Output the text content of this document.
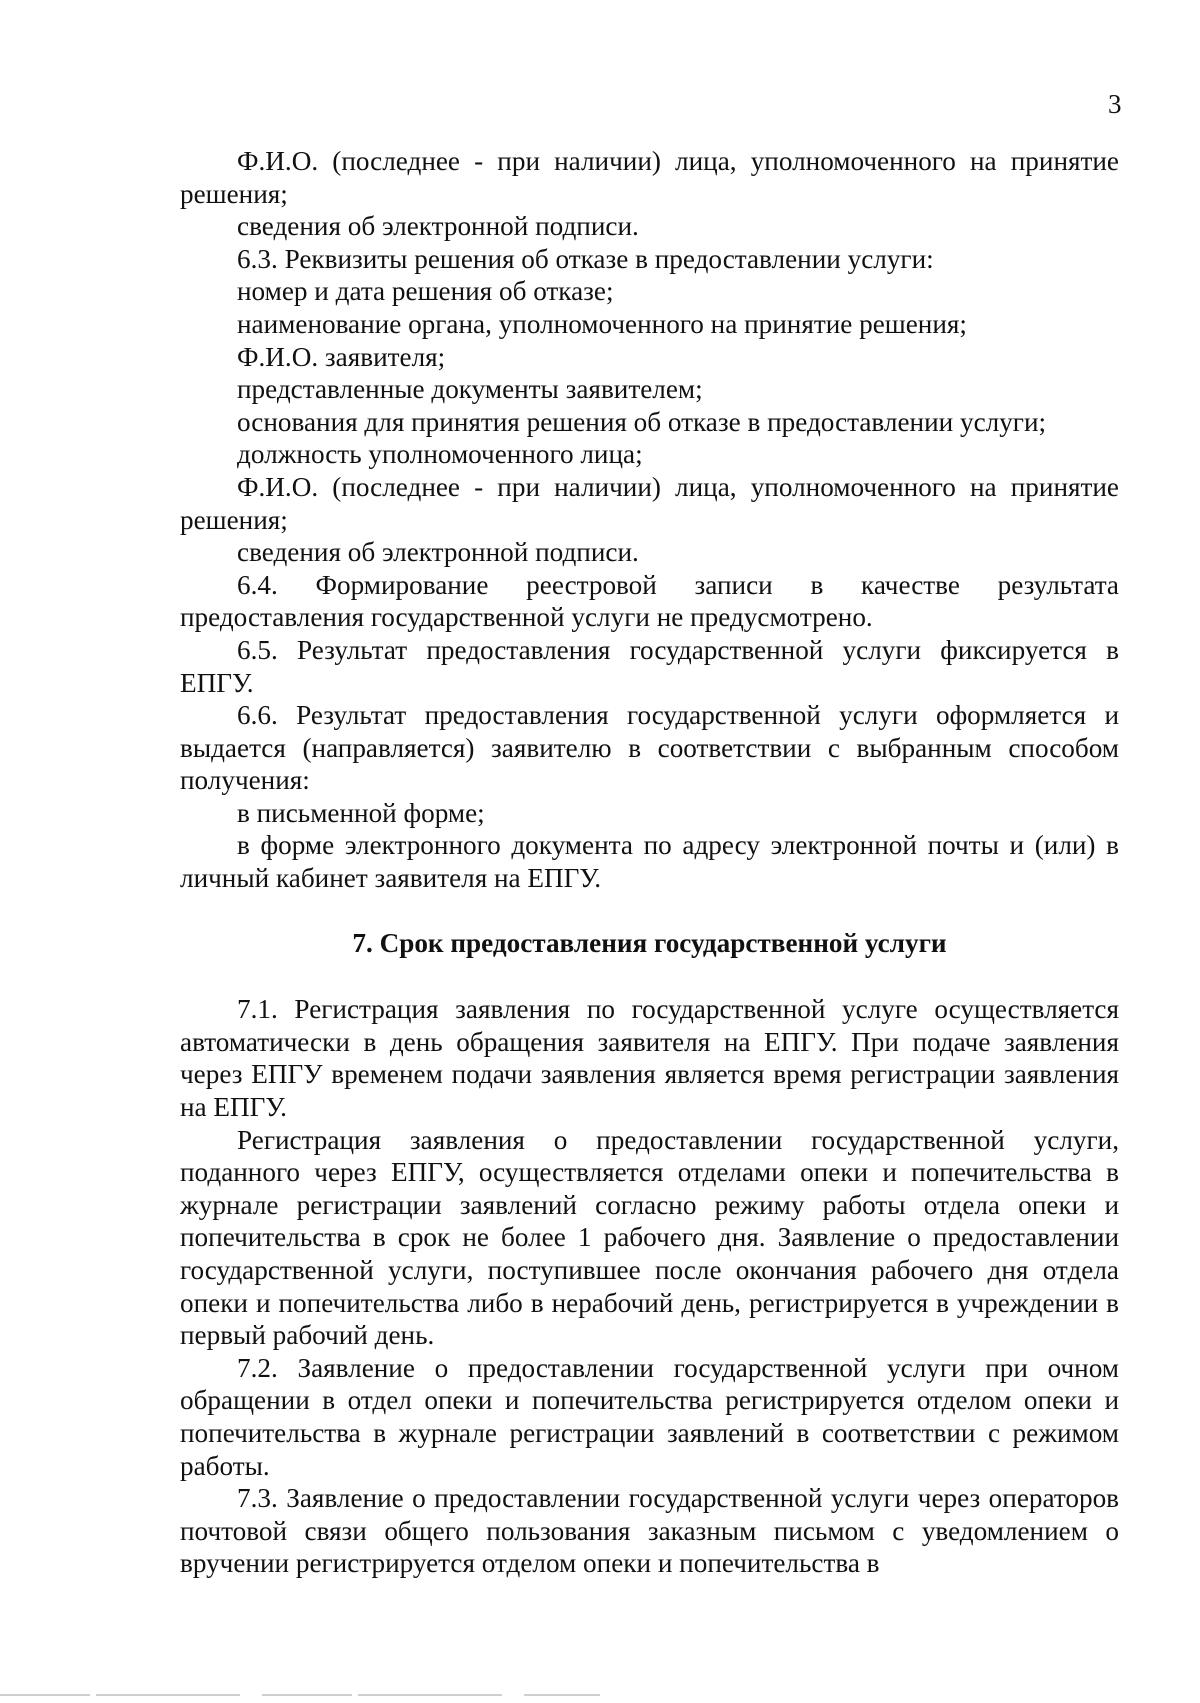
3
Ф.И.О. (последнее - при наличии) лица, уполномоченного на принятие решения;
сведения об электронной подписи.
6.3. Реквизиты решения об отказе в предоставлении услуги:
номер и дата решения об отказе;
наименование органа, уполномоченного на принятие решения;
Ф.И.О. заявителя;
представленные документы заявителем;
основания для принятия решения об отказе в предоставлении услуги;
должность уполномоченного лица;
Ф.И.О. (последнее - при наличии) лица, уполномоченного на принятие решения;
сведения об электронной подписи.
6.4. Формирование реестровой записи в качестве результата предоставления государственной услуги не предусмотрено.
6.5. Результат предоставления государственной услуги фиксируется в ЕПГУ.
6.6. Результат предоставления государственной услуги оформляется и выдается (направляется) заявителю в соответствии с выбранным способом получения:
в письменной форме;
в форме электронного документа по адресу электронной почты и (или) в личный кабинет заявителя на ЕПГУ.
7. Срок предоставления государственной услуги
7.1. Регистрация заявления по государственной услуге осуществляется автоматически в день обращения заявителя на ЕПГУ. При подаче заявления через ЕПГУ временем подачи заявления является время регистрации заявления на ЕПГУ.
Регистрация заявления о предоставлении государственной услуги, поданного через ЕПГУ, осуществляется отделами опеки и попечительства в журнале регистрации заявлений согласно режиму работы отдела опеки и попечительства в срок не более 1 рабочего дня. Заявление о предоставлении государственной услуги, поступившее после окончания рабочего дня отдела опеки и попечительства либо в нерабочий день, регистрируется в учреждении в первый рабочий день.
7.2. Заявление о предоставлении государственной услуги при очном обращении в отдел опеки и попечительства регистрируется отделом опеки и попечительства в журнале регистрации заявлений в соответствии с режимом работы.
7.3. Заявление о предоставлении государственной услуги через операторов почтовой связи общего пользования заказным письмом с уведомлением о вручении регистрируется отделом опеки и попечительства в
